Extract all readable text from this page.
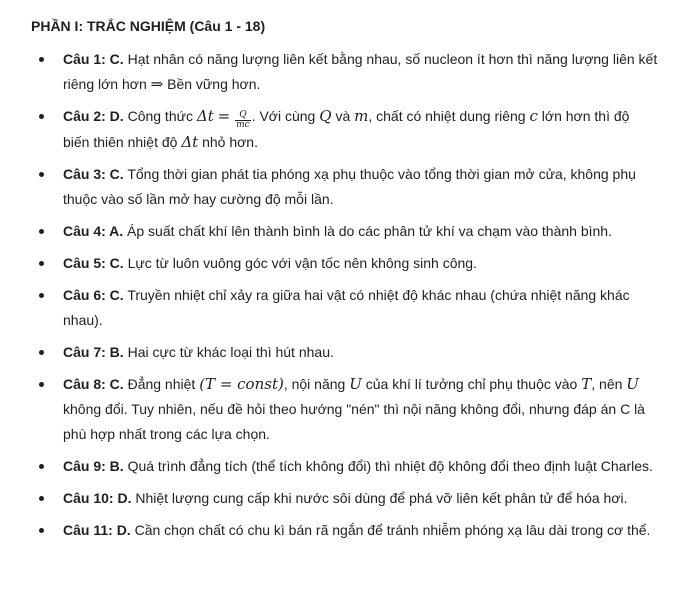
PHẦN I: TRẮC NGHIỆM (Câu 1 - 18)
Câu 1: C. Hạt nhân có năng lượng liên kết bằng nhau, số nucleon ít hơn thì năng lượng liên kết riêng lớn hơn ⇒ Bền vững hơn.
Câu 2: D. Công thức $\Delta t = \frac{Q}{mc}$ . Với cùng Q và m, chất có nhiệt dung riêng c lớn hơn thì độ biến thiên nhiệt độ Δt nhỏ hơn.
Câu 3: C. Tổng thời gian phát tia phóng xạ phụ thuộc vào tổng thời gian mở cửa, không phụ thuộc vào số lần mở hay cường độ mỗi lần.
Câu 4: A. Áp suất chất khí lên thành bình là do các phân tử khí va chạm vào thành bình.
Câu 5: C. Lực từ luôn vuông góc với vận tốc nên không sinh công.
Câu 6: C. Truyền nhiệt chỉ xảy ra giữa hai vật có nhiệt độ khác nhau (chứa nhiệt năng khác nhau).
Câu 7: B. Hai cực từ khác loại thì hút nhau.
Câu 8: C. Đẳng nhiệt (T = const), nội năng U của khí lí tưởng chỉ phụ thuộc vào T, nên U không đổi. Tuy nhiên, nếu đề hỏi theo hướng "nén" thì nội năng không đổi, nhưng đáp án C là phù hợp nhất trong các lựa chọn.
Câu 9: B. Quá trình đẳng tích (thể tích không đổi) thì nhiệt độ không đổi theo định luật Charles.
Câu 10: D. Nhiệt lượng cung cấp khi nước sôi dùng để phá vỡ liên kết phân tử để hóa hơi.
Câu 11: D. Cần chọn chất có chu kì bán rã ngắn để tránh nhiễm phóng xạ lâu dài trong cơ thể.
